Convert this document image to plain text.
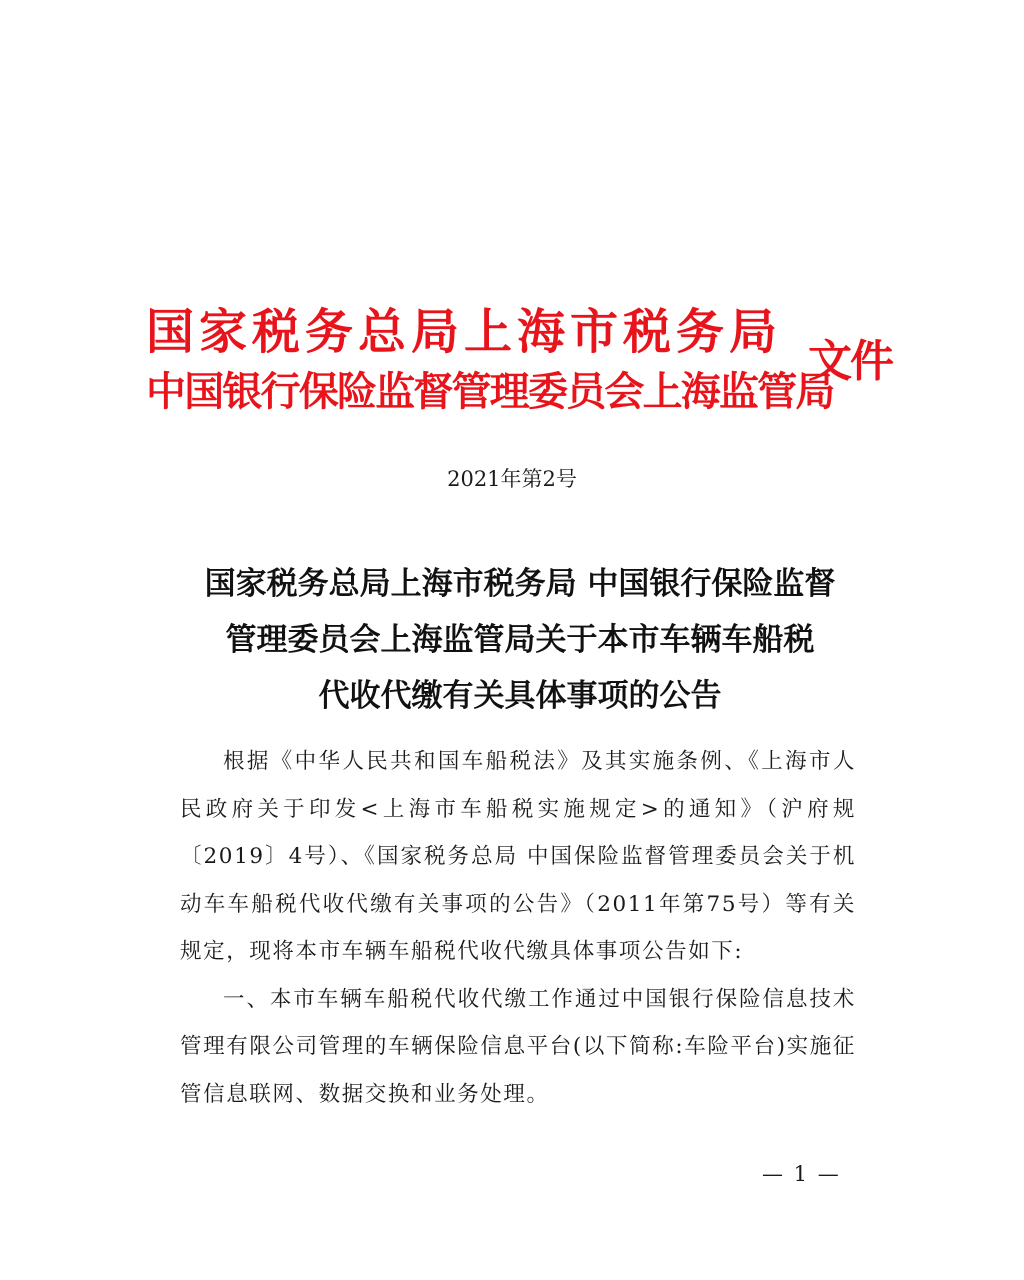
国家税务总局上海市税务局
中国银行保险监督管理委员会上海监管局
文件
2021年第2号
国家税务总局上海市税务局 中国银行保险监督
管理委员会上海监管局关于本市车辆车船税
代收代缴有关具体事项的公告

根据《中华人民共和国车船税法》及其实施条例、《上海市人民政府关于印发<上海市车船税实施规定>的通知》（沪府规〔2019〕4号）、《国家税务总局 中国保险监督管理委员会关于机动车车船税代收代缴有关事项的公告》（2011年第75号）等有关规定，现将本市车辆车船税代收代缴具体事项公告如下:

一、本市车辆车船税代收代缴工作通过中国银行保险信息技术管理有限公司管理的车辆保险信息平台(以下简称:车险平台)实施征管信息联网、数据交换和业务处理。

— 1 —
